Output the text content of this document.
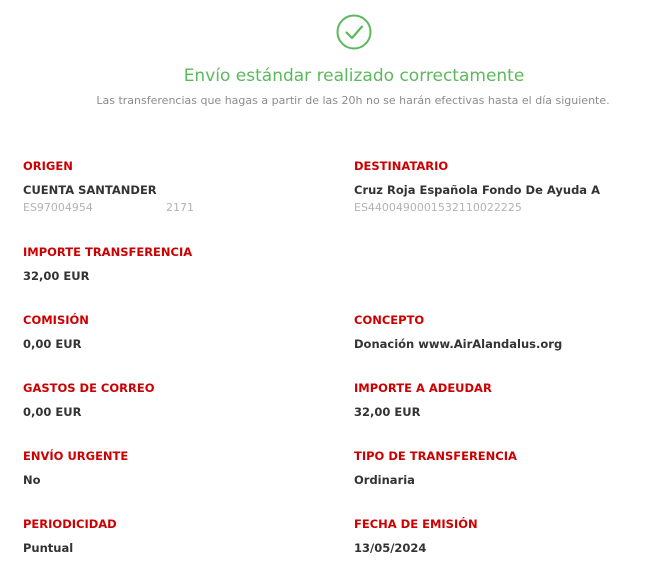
Envío estándar realizado correctamente
Las transferencias que hagas a partir de las 20h no se harán efectivas hasta el día siguiente.
ORIGEN
CUENTA SANTANDER
ES97004954	2171
DESTINATARIO
Cruz Roja Española Fondo De Ayuda A
ES4400490001532110022225
IMPORTE TRANSFERENCIA
32,00 EUR
COMISIÓN
0,00 EUR
CONCEPTO
Donación www.AirAlandalus.org
GASTOS DE CORREO
0,00 EUR
IMPORTE A ADEUDAR
32,00 EUR
ENVÍO URGENTE
No
TIPO DE TRANSFERENCIA
Ordinaria
PERIODICIDAD
Puntual
FECHA DE EMISIÓN
13/05/2024
